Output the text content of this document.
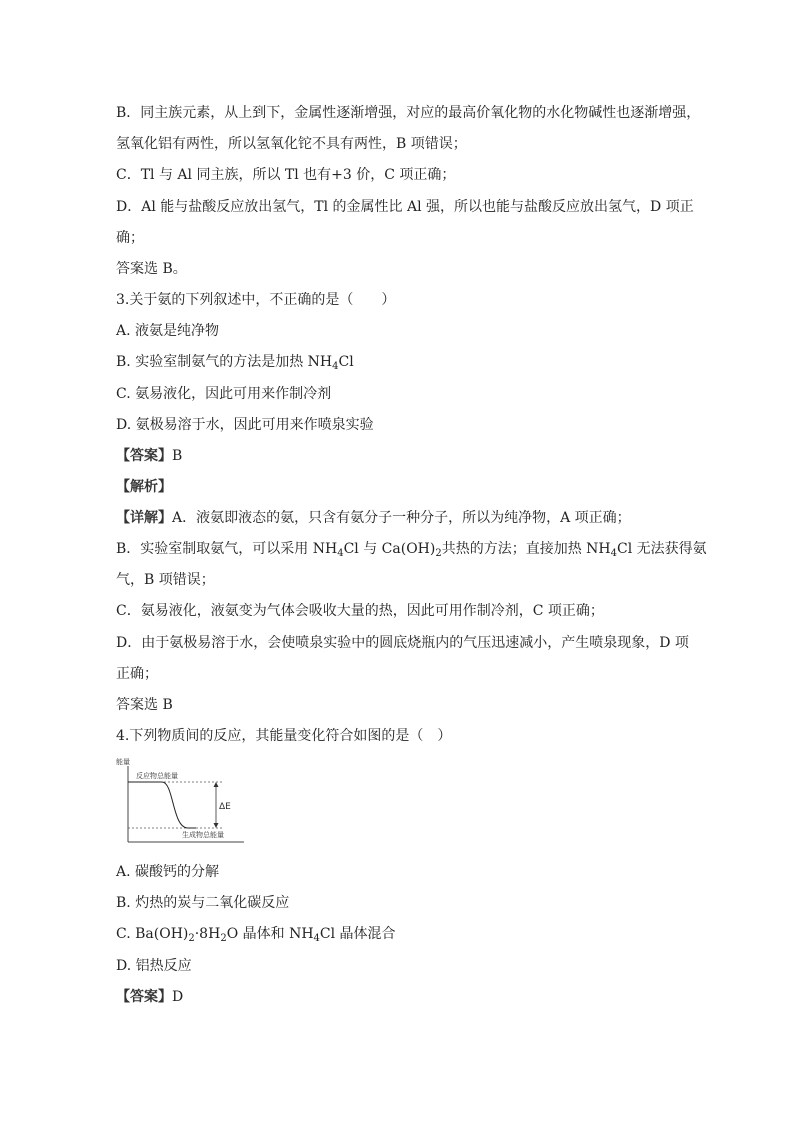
B．同主族元素，从上到下，金属性逐渐增强，对应的最高价氧化物的水化物碱性也逐渐增强，
氢氧化铝有两性，所以氢氧化铊不具有两性，B 项错误；
C．Tl 与 Al 同主族，所以 Tl 也有+3 价，C 项正确；
D．Al 能与盐酸反应放出氢气，Tl 的金属性比 Al 强，所以也能与盐酸反应放出氢气，D 项正
确；
答案选 B。
3.关于氨的下列叙述中，不正确的是（　　）
A. 液氨是纯净物
B. 实验室制氨气的方法是加热 $NH_4Cl$
C. 氨易液化，因此可用来作制冷剂
D. 氨极易溶于水，因此可用来作喷泉实验
【答案】B
【解析】
【详解】A．液氨即液态的氨，只含有氨分子一种分子，所以为纯净物，A 项正确；
B．实验室制取氨气，可以采用 $NH_4Cl$ 与 $Ca(OH)_2$共热的方法；直接加热 $NH_4Cl$ 无法获得氨
气，B 项错误；
C．氨易液化，液氨变为气体会吸收大量的热，因此可用作制冷剂，C 项正确；
D．由于氨极易溶于水，会使喷泉实验中的圆底烧瓶内的气压迅速减小，产生喷泉现象，D 项
正确；
答案选 B
4.下列物质间的反应，其能量变化符合如图的是（　）
能量
反应物总能量
生成物总能量
ΔE
A. 碳酸钙的分解
B. 灼热的炭与二氧化碳反应
C. $Ba(OH)_2\cdot 8H_2O$ 晶体和 $NH_4Cl$ 晶体混合
D. 铝热反应
【答案】D
